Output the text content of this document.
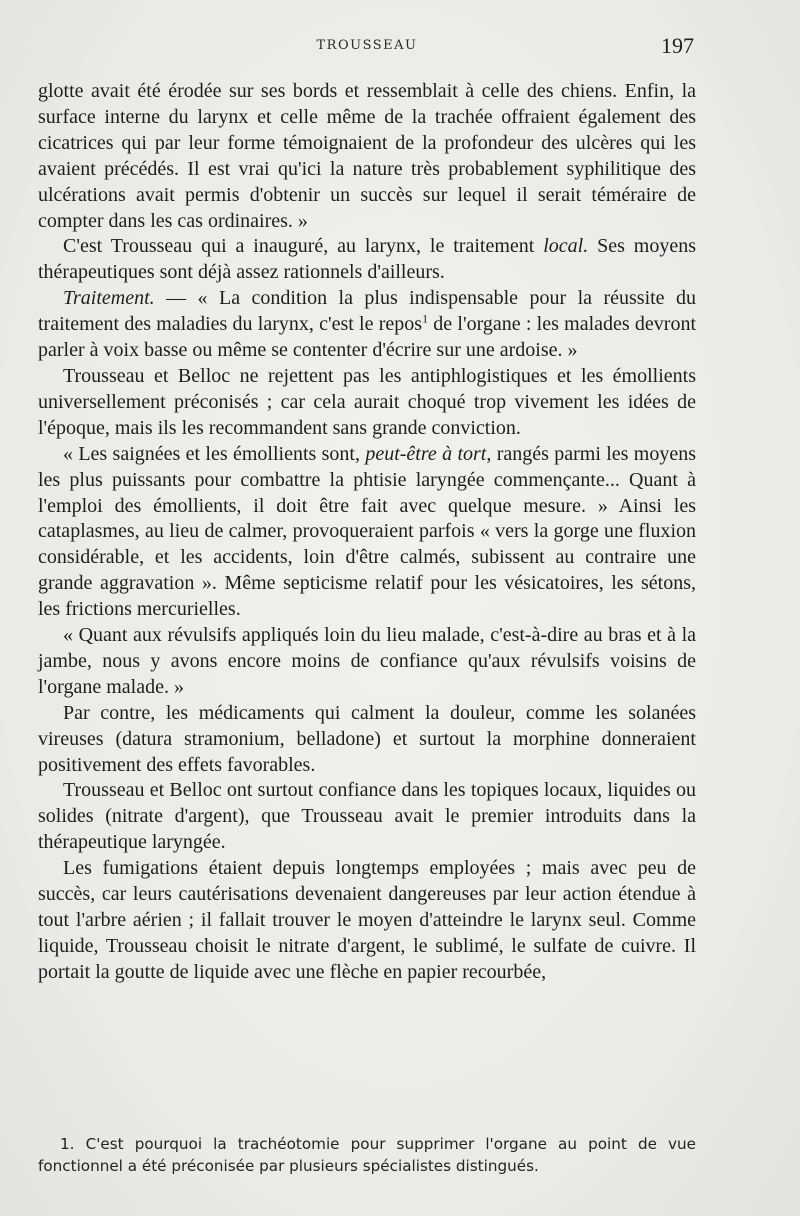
TROUSSEAU	197

glotte avait été érodée sur ses bords et ressemblait à celle des chiens. Enfin, la surface interne du larynx et celle même de la trachée offraient également des cicatrices qui par leur forme témoignaient de la profondeur des ulcères qui les avaient précédés. Il est vrai qu'ici la nature très probablement syphilitique des ulcérations avait permis d'obtenir un succès sur lequel il serait téméraire de compter dans les cas ordinaires. »

C'est Trousseau qui a inauguré, au larynx, le traitement local. Ses moyens thérapeutiques sont déjà assez rationnels d'ailleurs.

Traitement. — « La condition la plus indispensable pour la réussite du traitement des maladies du larynx, c'est le repos$^1$ de l'organe : les malades devront parler à voix basse ou même se contenter d'écrire sur une ardoise. »

Trousseau et Belloc ne rejettent pas les antiphlogistiques et les émollients universellement préconisés ; car cela aurait choqué trop vivement les idées de l'époque, mais ils les recommandent sans grande conviction.

« Les saignées et les émollients sont, peut-être à tort, rangés parmi les moyens les plus puissants pour combattre la phtisie laryngée commençante... Quant à l'emploi des émollients, il doit être fait avec quelque mesure. » Ainsi les cataplasmes, au lieu de calmer, provoqueraient parfois « vers la gorge une fluxion considérable, et les accidents, loin d'être calmés, subissent au contraire une grande aggravation ». Même septicisme relatif pour les vésicatoires, les sétons, les frictions mercurielles.

« Quant aux révulsifs appliqués loin du lieu malade, c'est-à-dire au bras et à la jambe, nous y avons encore moins de confiance qu'aux révulsifs voisins de l'organe malade. »

Par contre, les médicaments qui calment la douleur, comme les solanées vireuses (datura stramonium, belladone) et surtout la morphine donneraient positivement des effets favorables.

Trousseau et Belloc ont surtout confiance dans les topiques locaux, liquides ou solides (nitrate d'argent), que Trousseau avait le premier introduits dans la thérapeutique laryngée.

Les fumigations étaient depuis longtemps employées ; mais avec peu de succès, car leurs cautérisations devenaient dangereuses par leur action étendue à tout l'arbre aérien ; il fallait trouver le moyen d'atteindre le larynx seul. Comme liquide, Trousseau choisit le nitrate d'argent, le sublimé, le sulfate de cuivre. Il portait la goutte de liquide avec une flèche en papier recourbée,

1. C'est pourquoi la trachéotomie pour supprimer l'organe au point de vue fonctionnel a été préconisée par plusieurs spécialistes distingués.
